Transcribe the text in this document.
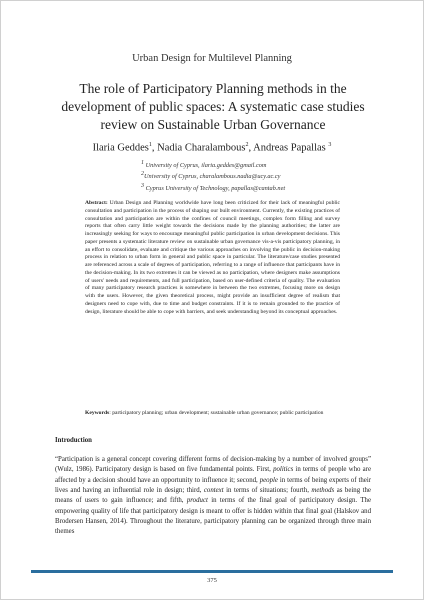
Urban Design for Multilevel Planning
The role of Participatory Planning methods in the development of public spaces: A systematic case studies review on Sustainable Urban Governance
Ilaria Geddes$^1$, Nadia Charalambous$^2$, Andreas Papallas $^3$
$^1$ University of Cyprus, ilaria.geddes@gmail.com
$^2$University of Cyprus, charalambous.nadia@ucy.ac.cy
$^3$ Cyprus University of Technology, papallas@cantab.net
Abstract: Urban Design and Planning worldwide have long been criticized for their lack of meaningful public consultation and participation in the process of shaping our built environment. Currently, the existing practices of consultation and participation are within the confines of council meetings, complex form filling and survey reports that often carry little weight towards the decisions made by the planning authorities; the latter are increasingly seeking for ways to encourage meaningful public participation in urban development decisions. This paper presents a systematic literature review on sustainable urban governance vis-a-vis participatory planning, in an effort to consolidate, evaluate and critique the various approaches on involving the public in decision-making process in relation to urban form in general and public space in particular. The literature/case studies presented are referenced across a scale of degrees of participation, referring to a range of influence that participants have in the decision-making. In its two extremes it can be viewed as no participation, where designers make assumptions of users' needs and requirements, and full participation, based on user-defined criteria of quality. The evaluation of many participatory research practices is somewhere in between the two extremes, focusing more on design with the users. However, the given theoretical process, might provide an insufficient degree of realism that designers need to cope with, due to time and budget constraints. If it is to remain grounded to the practice of design, literature should be able to cope with barriers, and seek understanding beyond its conceptual approaches.
Keywords: participatory planning; urban development; sustainable urban governance; public participation
Introduction
“Participation is a general concept covering different forms of decision-making by a number of involved groups” (Wulz, 1986). Participatory design is based on five fundamental points. First, politics in terms of people who are affected by a decision should have an opportunity to influence it; second, people in terms of being experts of their lives and having an influential role in design; third, context in terms of situations; fourth, methods as being the means of users to gain influence; and fifth, product in terms of the final goal of participatory design. The empowering quality of life that participatory design is meant to offer is hidden within that final goal (Halskov and Brodersen Hansen, 2014). Throughout the literature, participatory planning can be organized through three main themes
375
